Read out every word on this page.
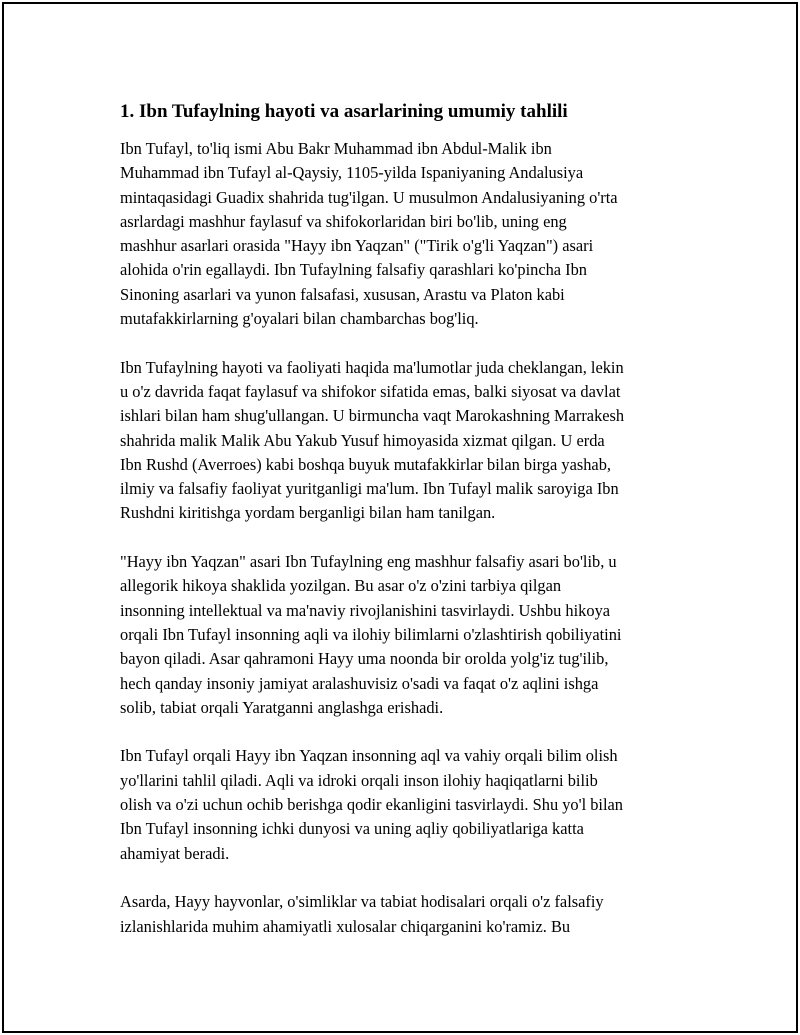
1. Ibn Tufaylning hayoti va asarlarining umumiy tahlili

Ibn Tufayl, to'liq ismi Abu Bakr Muhammad ibn Abdul-Malik ibn
Muhammad ibn Tufayl al-Qaysiy, 1105-yilda Ispaniyaning Andalusiya
mintaqasidagi Guadix shahrida tug'ilgan. U musulmon Andalusiyaning o'rta
asrlardagi mashhur faylasuf va shifokorlaridan biri bo'lib, uning eng
mashhur asarlari orasida "Hayy ibn Yaqzan" ("Tirik o'g'li Yaqzan") asari
alohida o'rin egallaydi. Ibn Tufaylning falsafiy qarashlari ko'pincha Ibn
Sinoning asarlari va yunon falsafasi, xususan, Arastu va Platon kabi
mutafakkirlarning g'oyalari bilan chambarchas bog'liq.

Ibn Tufaylning hayoti va faoliyati haqida ma'lumotlar juda cheklangan, lekin
u o'z davrida faqat faylasuf va shifokor sifatida emas, balki siyosat va davlat
ishlari bilan ham shug'ullangan. U birmuncha vaqt Marokashning Marrakesh
shahrida malik Malik Abu Yakub Yusuf himoyasida xizmat qilgan. U erda
Ibn Rushd (Averroes) kabi boshqa buyuk mutafakkirlar bilan birga yashab,
ilmiy va falsafiy faoliyat yuritganligi ma'lum. Ibn Tufayl malik saroyiga Ibn
Rushdni kiritishga yordam berganligi bilan ham tanilgan.

"Hayy ibn Yaqzan" asari Ibn Tufaylning eng mashhur falsafiy asari bo'lib, u
allegorik hikoya shaklida yozilgan. Bu asar o'z o'zini tarbiya qilgan
insonning intellektual va ma'naviy rivojlanishini tasvirlaydi. Ushbu hikoya
orqali Ibn Tufayl insonning aqli va ilohiy bilimlarni o'zlashtirish qobiliyatini
bayon qiladi. Asar qahramoni Hayy uma noonda bir orolda yolg'iz tug'ilib,
hech qanday insoniy jamiyat aralashuvisiz o'sadi va faqat o'z aqlini ishga
solib, tabiat orqali Yaratganni anglashga erishadi.

Ibn Tufayl orqali Hayy ibn Yaqzan insonning aql va vahiy orqali bilim olish
yo'llarini tahlil qiladi. Aqli va idroki orqali inson ilohiy haqiqatlarni bilib
olish va o'zi uchun ochib berishga qodir ekanligini tasvirlaydi. Shu yo'l bilan
Ibn Tufayl insonning ichki dunyosi va uning aqliy qobiliyatlariga katta
ahamiyat beradi.

Asarda, Hayy hayvonlar, o'simliklar va tabiat hodisalari orqali o'z falsafiy
izlanishlarida muhim ahamiyatli xulosalar chiqarganini ko'ramiz. Bu
